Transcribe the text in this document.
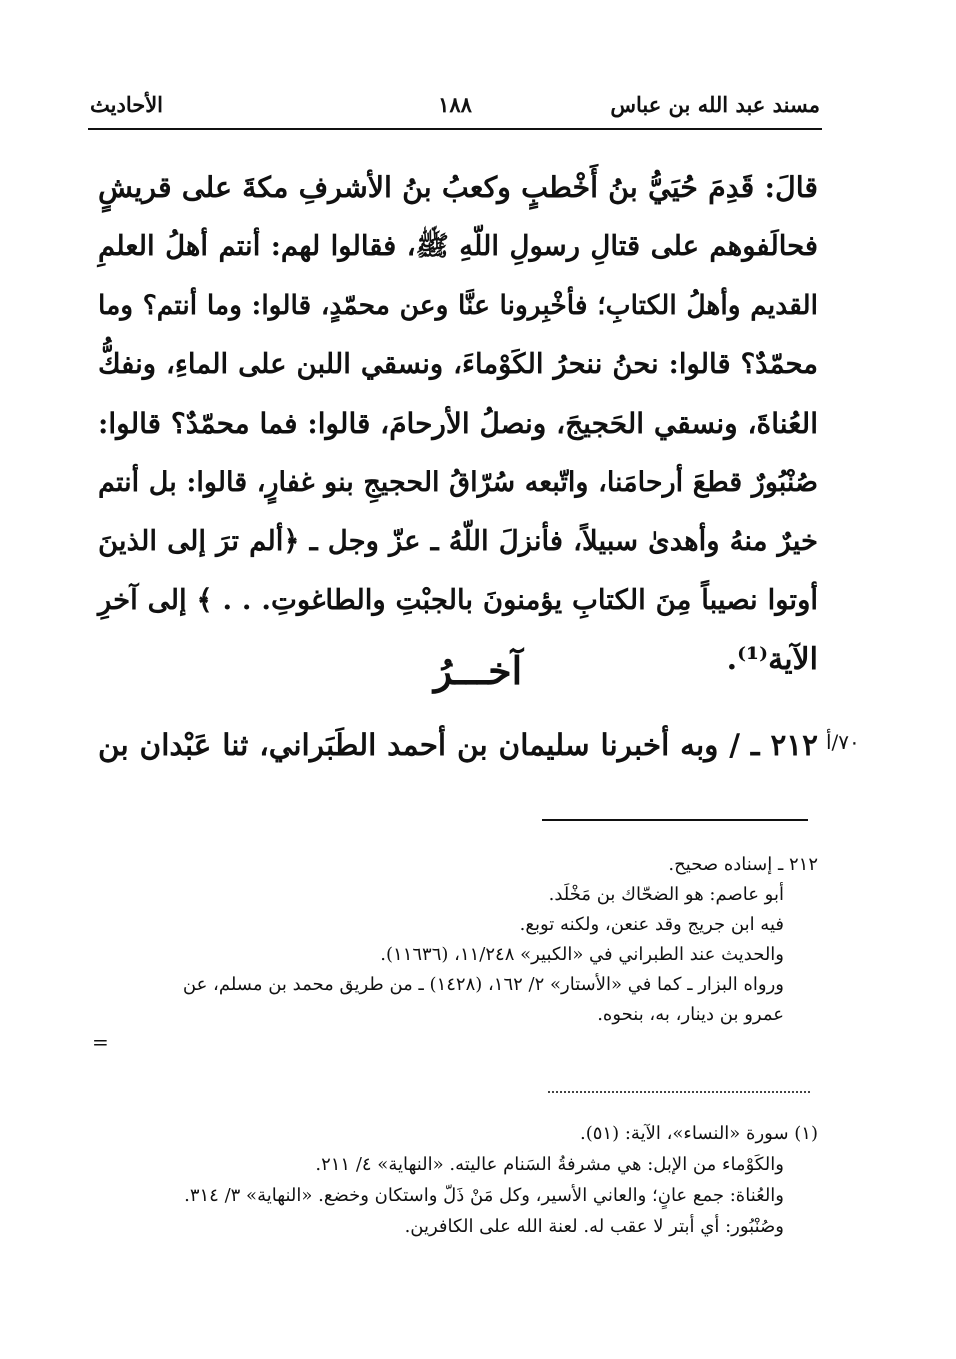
مسند عبد الله بن عباس
١٨٨
الأحاديث
قالَ: قَدِمَ حُيَيُّ بنُ أَخْطبٍ وكعبُ بنُ الأشرفِ مكةَ على قريشٍ
فحالَفوهم على قتالِ رسولِ اللّهِ ﷺ، فقالوا لهم: أنتم أهلُ العلمِ
القديم وأهلُ الكتابِ؛ فأخْبِرونا عنَّا وعن محمّدٍ، قالوا: وما أنتم؟ وما
محمّدٌ؟ قالوا: نحنُ ننحرُ الكَوْماءَ، ونسقي اللبن على الماءِ، ونفكُّ
العُناةَ، ونسقي الحَجيجَ، ونصلُ الأرحامَ، قالوا: فما محمّدٌ؟ قالوا:
صُنْبُورٌ قطعَ أرحامَنا، واتّبعه سُرّاقُ الحجيجِ بنو غفارٍ، قالوا: بل أنتم
خيرٌ منهُ وأهدىٰ سبيلاً، فأنزلَ اللّهُ ـ عزّ وجل ـ ﴿ألم ترَ إلى الذينَ
أوتوا نصيباً مِنَ الكتابِ يؤمنونَ بالجبْتِ والطاغوتِ. . . ﴾ إلى آخرِ
الآية⁽¹⁾.
آخـــرُ
٢١٢ ـ / وبه أخبرنا سليمان بن أحمد الطَبَراني، ثنا عَبْدان بن ٧٠/أ
٢١٢ ـ إسناده صحيح.
أبو عاصم: هو الضحّاك بن مَخْلَد.
فيه ابن جريج وقد عنعن، ولكنه توبع.
والحديث عند الطبراني في «الكبير» ١١/٢٤٨، (١١٦٣٦).
ورواه البزار ـ كما في «الأستار» ٢/ ١٦٢، (١٤٢٨) ـ من طريق محمد بن مسلم، عن
عمرو بن دينار، به، بنحوه.
=
(١) سورة «النساء»، الآية: (٥١).
والكَوْماء من الإبل: هي مشرفةُ السَنام عاليته. «النهاية» ٤/ ٢١١.
والعُناة: جمع عانٍ؛ والعاني الأسير، وكل مَنْ ذَلّ واستكان وخضع. «النهاية» ٣/ ٣١٤.
وصُنْبُور: أي أبتر لا عقب له. لعنة الله على الكافرين.
